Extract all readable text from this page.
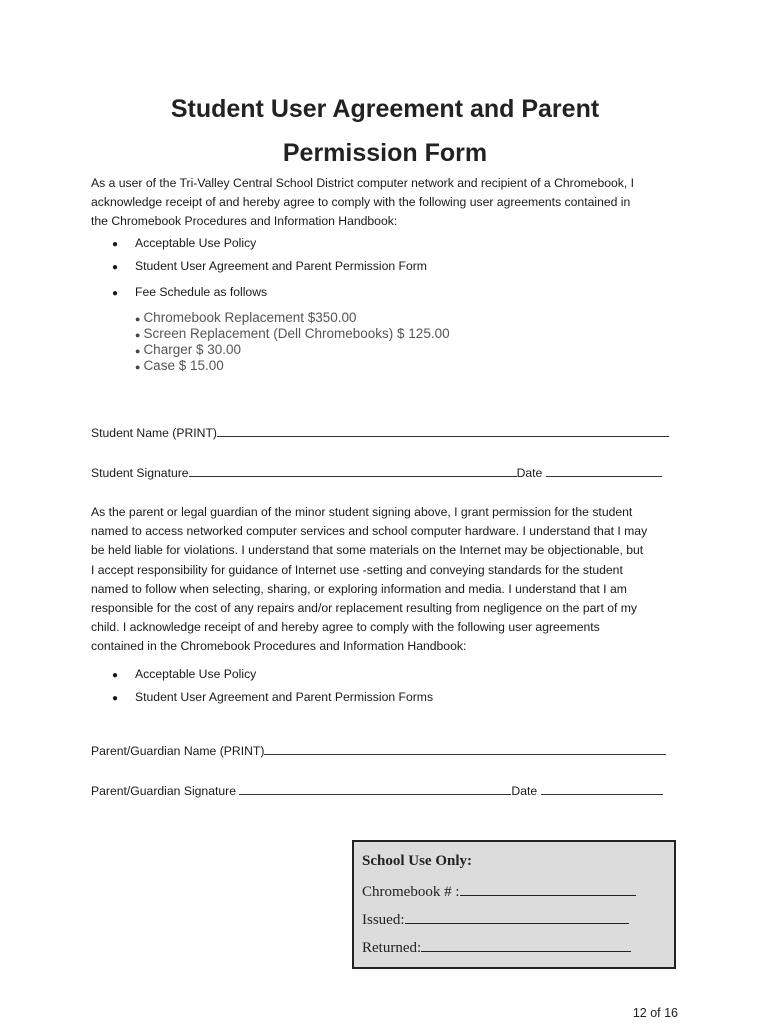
Student User Agreement and Parent
Permission Form
As a user of the Tri-Valley Central School District computer network and recipient of a Chromebook, I
acknowledge receipt of and hereby agree to comply with the following user agreements contained in
the Chromebook Procedures and Information Handbook:
● Acceptable Use Policy
● Student User Agreement and Parent Permission Form
● Fee Schedule as follows
● Chromebook Replacement $350.00
● Screen Replacement (Dell Chromebooks) $ 125.00
● Charger $ 30.00
● Case $ 15.00
Student Name (PRINT)
Student Signature	Date
As the parent or legal guardian of the minor student signing above, I grant permission for the student
named to access networked computer services and school computer hardware. I understand that I may
be held liable for violations. I understand that some materials on the Internet may be objectionable, but
I accept responsibility for guidance of Internet use -setting and conveying standards for the student
named to follow when selecting, sharing, or exploring information and media. I understand that I am
responsible for the cost of any repairs and/or replacement resulting from negligence on the part of my
child. I acknowledge receipt of and hereby agree to comply with the following user agreements
contained in the Chromebook Procedures and Information Handbook:
● Acceptable Use Policy
● Student User Agreement and Parent Permission Forms
Parent/Guardian Name (PRINT)
Parent/Guardian Signature	Date
School Use Only:
Chromebook # :
Issued:
Returned:
12 of 16
